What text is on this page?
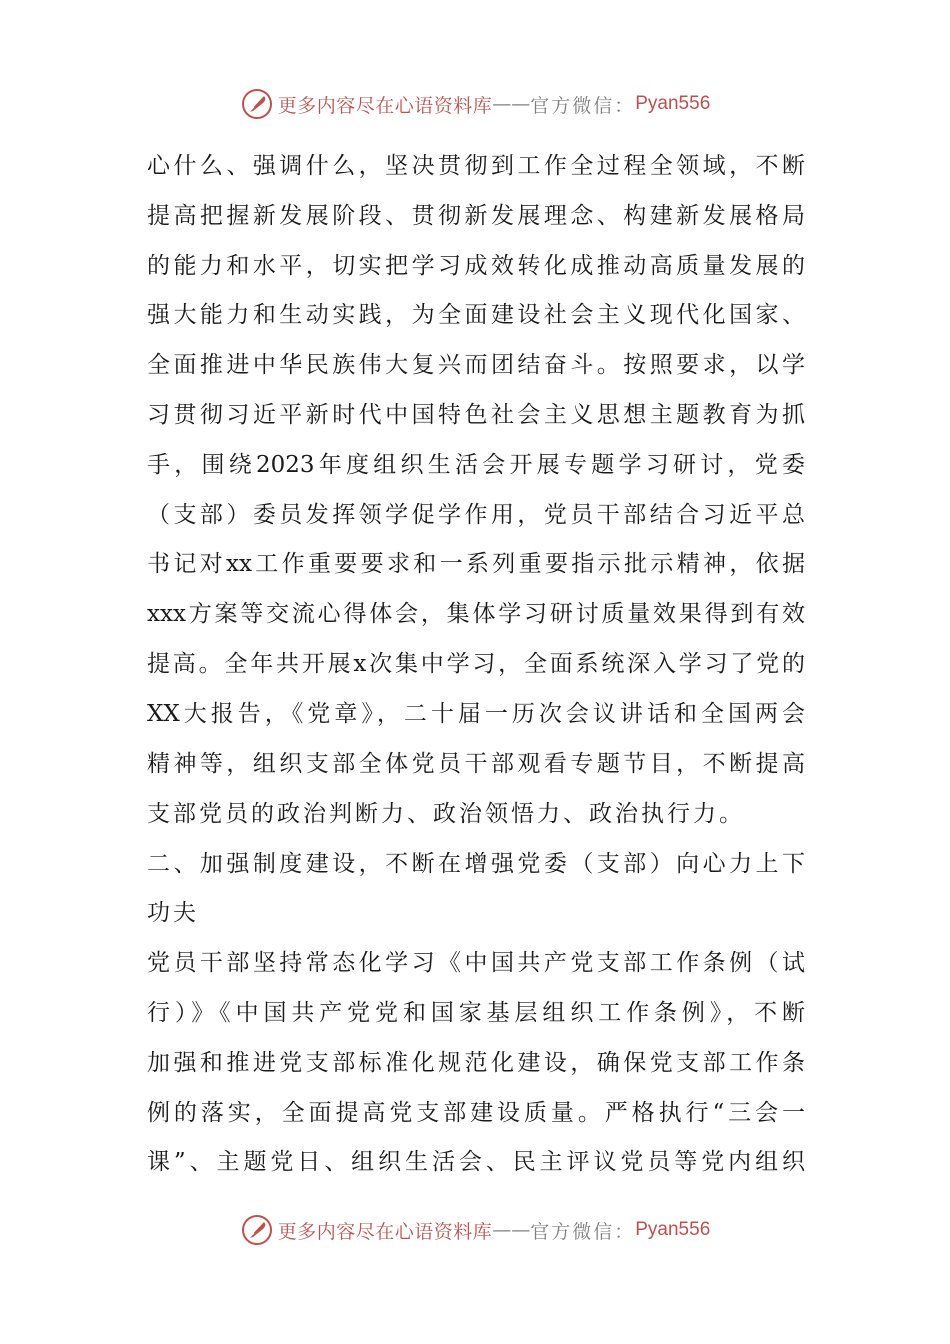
更多内容尽在心语资料库 —— 官方微信： Pyan556
心什么、强调什么，坚决贯彻到工作全过程全领域，不断
提高把握新发展阶段、贯彻新发展理念、构建新发展格局
的能力和水平，切实把学习成效转化成推动高质量发展的
强大能力和生动实践，为全面建设社会主义现代化国家、
全面推进中华民族伟大复兴而团结奋斗。按照要求，以学
习贯彻习近平新时代中国特色社会主义思想主题教育为抓
手，围绕2023年度组织生活会开展专题学习研讨，党委
（支部）委员发挥领学促学作用，党员干部结合习近平总
书记对xx工作重要要求和一系列重要指示批示精神，依据
xxx方案等交流心得体会，集体学习研讨质量效果得到有效
提高。全年共开展x次集中学习，全面系统深入学习了党的
XX大报告，《党章》，二十届一历次会议讲话和全国两会
精神等，组织支部全体党员干部观看专题节目，不断提高
支部党员的政治判断力、政治领悟力、政治执行力。
二、加强制度建设，不断在增强党委（支部）向心力上下
功夫
党员干部坚持常态化学习《中国共产党支部工作条例（试
行）》《中国共产党党和国家基层组织工作条例》，不断
加强和推进党支部标准化规范化建设，确保党支部工作条
例的落实，全面提高党支部建设质量。严格执行“三会一
课”、主题党日、组织生活会、民主评议党员等党内组织
更多内容尽在心语资料库 —— 官方微信： Pyan556
